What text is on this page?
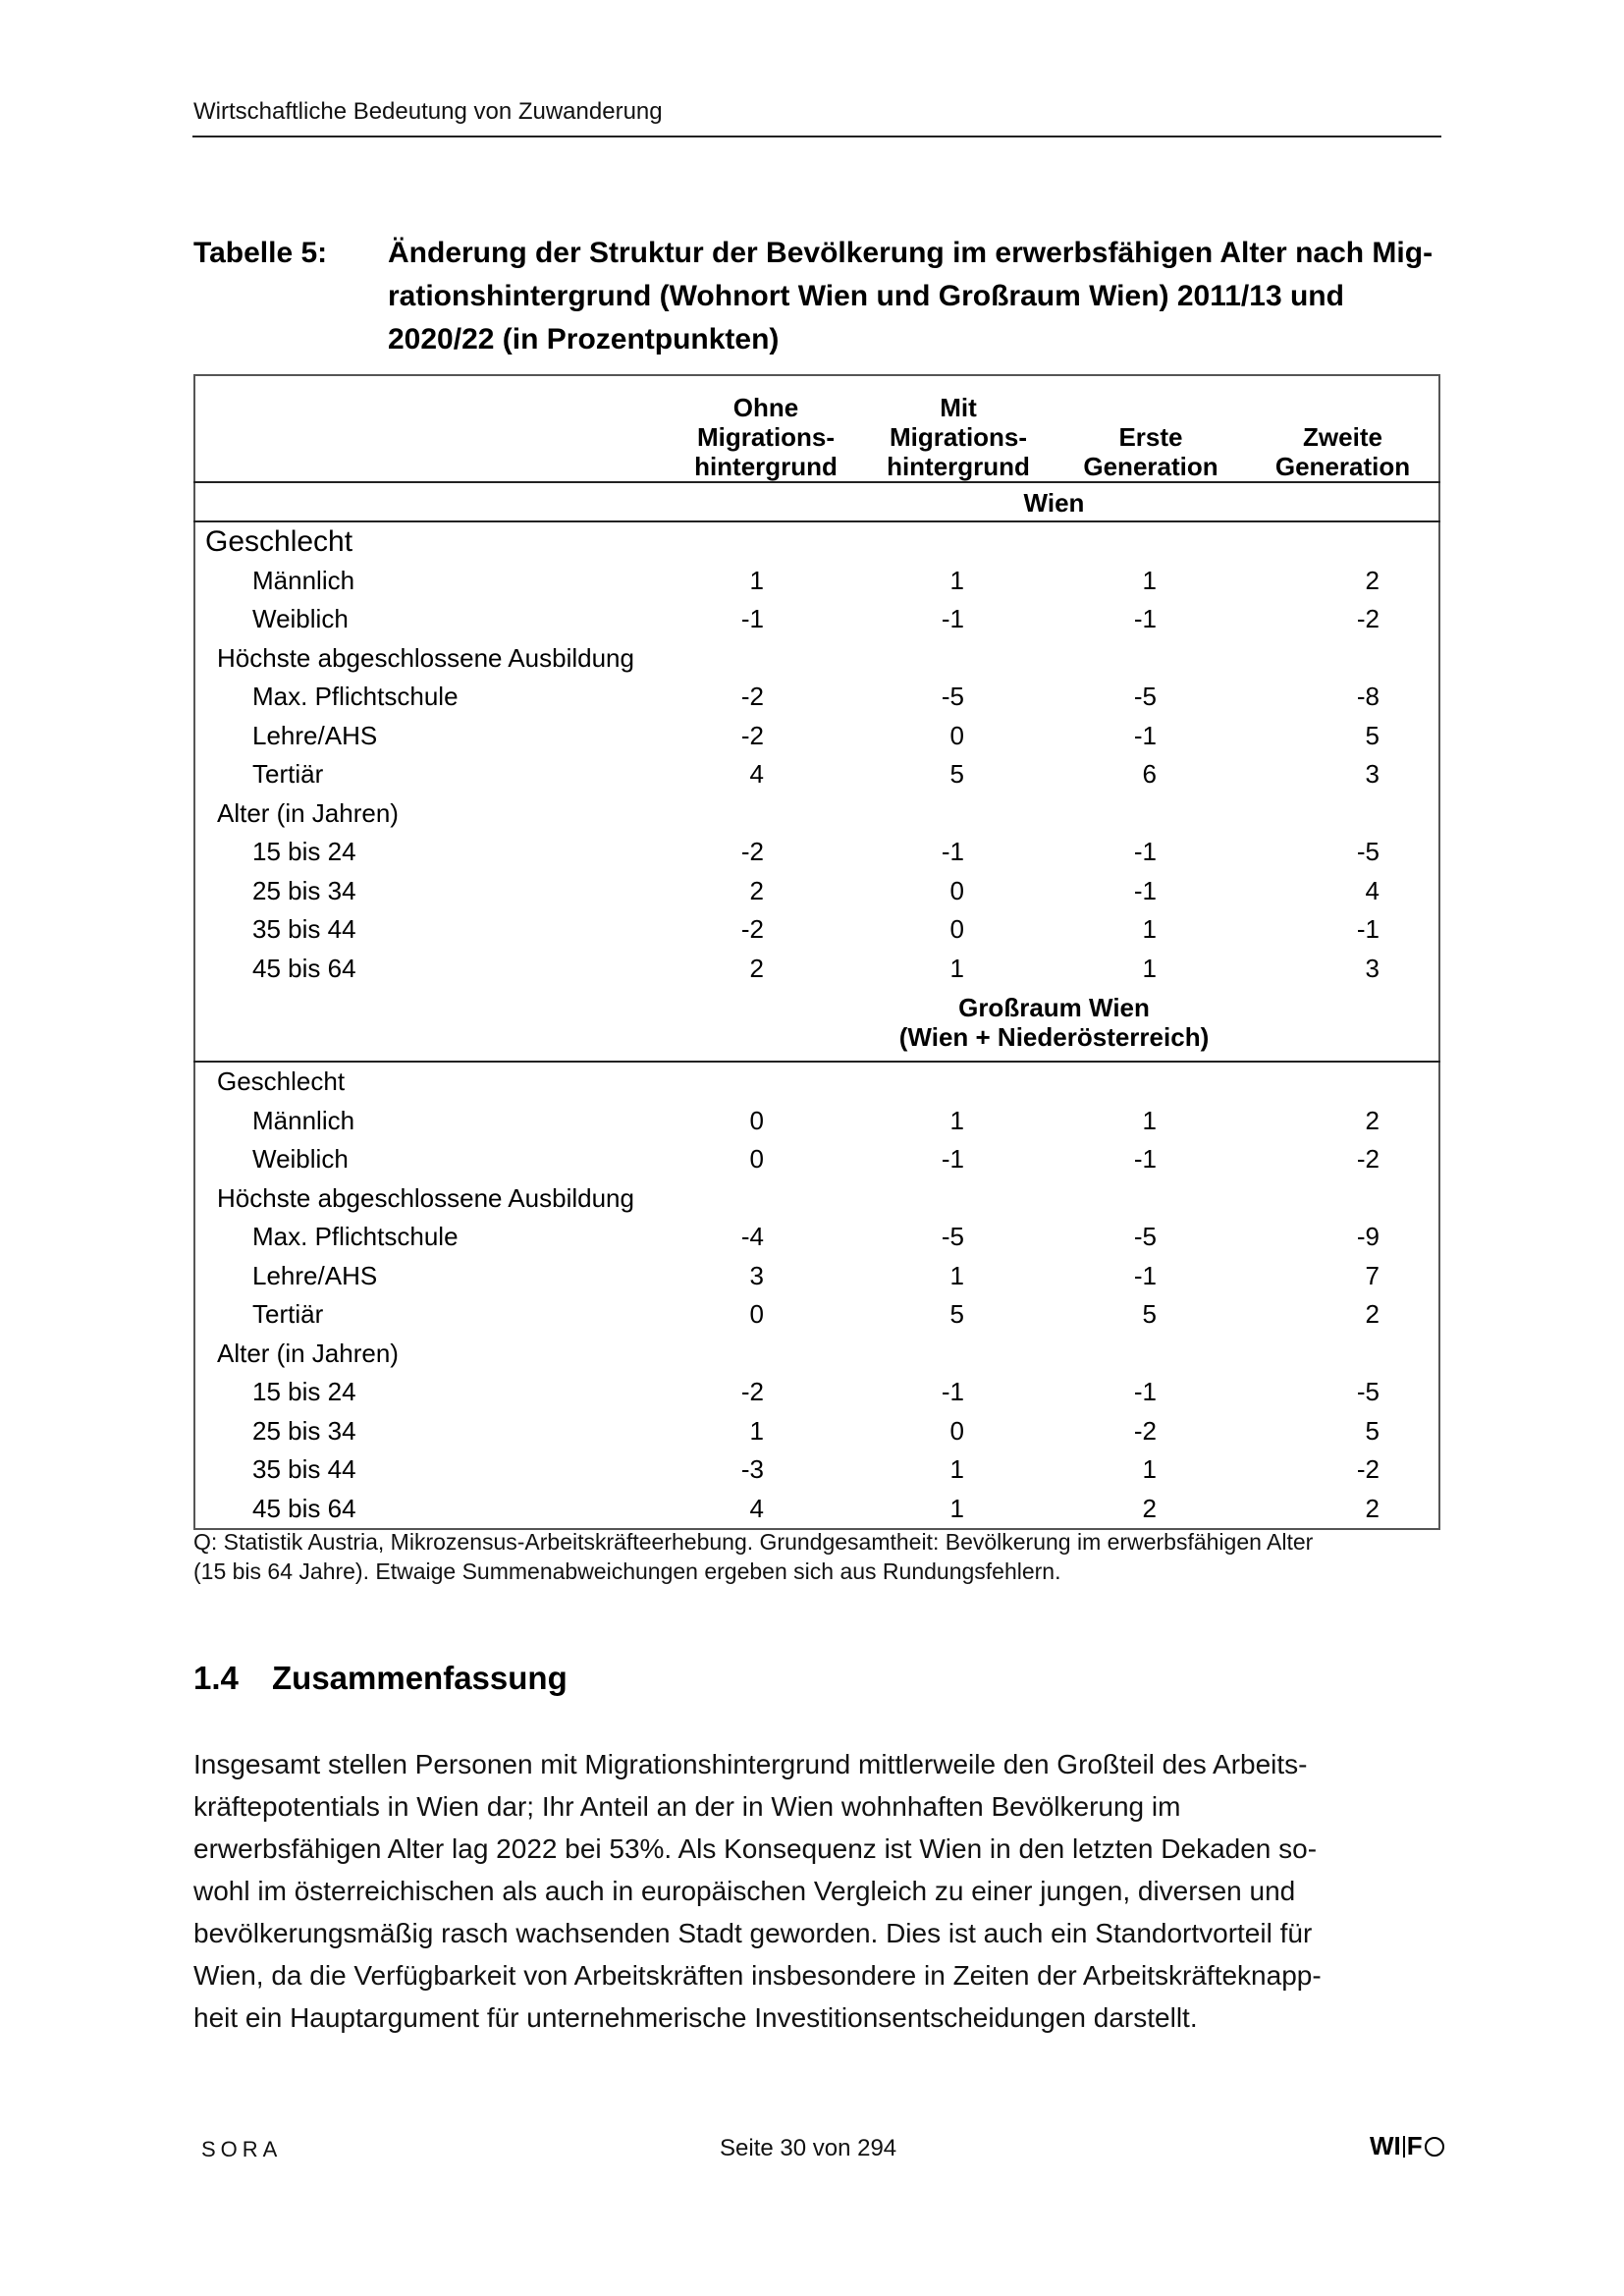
Wirtschaftliche Bedeutung von Zuwanderung
Tabelle 5: Änderung der Struktur der Bevölkerung im erwerbsfähigen Alter nach Mig-
rationshintergrund (Wohnort Wien und Großraum Wien) 2011/13 und
2020/22 (in Prozentpunkten)
	Ohne
Migrations-
hintergrund	Mit
Migrations-
hintergrund	Erste
Generation	Zweite
Generation
	Wien			
Geschlecht				
Männlich	1	1	1	2
Weiblich	-1	-1	-1	-2
Höchste abgeschlossene Ausbildung				
Max. Pflichtschule	-2	-5	-5	-8
Lehre/AHS	-2	0	-1	5
Tertiär	4	5	6	3
Alter (in Jahren)				
15 bis 24	-2	-1	-1	-5
25 bis 34	2	0	-1	4
35 bis 44	-2	0	1	-1
45 bis 64	2	1	1	3
	Großraum Wien
(Wien + Niederösterreich)			
Geschlecht				
Männlich	0	1	1	2
Weiblich	0	-1	-1	-2
Höchste abgeschlossene Ausbildung				
Max. Pflichtschule	-4	-5	-5	-9
Lehre/AHS	3	1	-1	7
Tertiär	0	5	5	2
Alter (in Jahren)				
15 bis 24	-2	-1	-1	-5
25 bis 34	1	0	-2	5
35 bis 44	-3	1	1	-2
45 bis 64	4	1	2	2
Q: Statistik Austria, Mikrozensus-Arbeitskräfteerhebung. Grundgesamtheit: Bevölkerung im erwerbsfähigen Alter
(15 bis 64 Jahre). Etwaige Summenabweichungen ergeben sich aus Rundungsfehlern.
1.4 Zusammenfassung
Insgesamt stellen Personen mit Migrationshintergrund mittlerweile den Großteil des Arbeits-
kräftepotentials in Wien dar; Ihr Anteil an der in Wien wohnhaften Bevölkerung im
erwerbsfähigen Alter lag 2022 bei 53%. Als Konsequenz ist Wien in den letzten Dekaden so-
wohl im österreichischen als auch in europäischen Vergleich zu einer jungen, diversen und
bevölkerungsmäßig rasch wachsenden Stadt geworden. Dies ist auch ein Standortvorteil für
Wien, da die Verfügbarkeit von Arbeitskräften insbesondere in Zeiten der Arbeitskräfteknapp-
heit ein Hauptargument für unternehmerische Investitionsentscheidungen darstellt.
SORA	Seite 30 von 294	WI F
